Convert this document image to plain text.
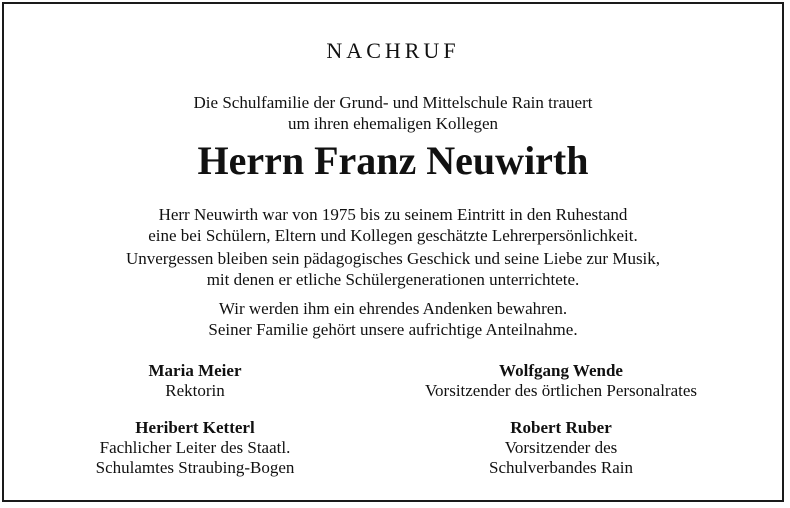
NACHRUF
Die Schulfamilie der Grund- und Mittelschule Rain trauert
um ihren ehemaligen Kollegen
Herrn Franz Neuwirth
Herr Neuwirth war von 1975 bis zu seinem Eintritt in den Ruhestand
eine bei Schülern, Eltern und Kollegen geschätzte Lehrerpersönlichkeit.
Unvergessen bleiben sein pädagogisches Geschick und seine Liebe zur Musik,
mit denen er etliche Schülergenerationen unterrichtete.
Wir werden ihm ein ehrendes Andenken bewahren.
Seiner Familie gehört unsere aufrichtige Anteilnahme.
Maria Meier
Rektorin
Wolfgang Wende
Vorsitzender des örtlichen Personalrates
Heribert Ketterl
Fachlicher Leiter des Staatl.
Schulamtes Straubing-Bogen
Robert Ruber
Vorsitzender des
Schulverbandes Rain
